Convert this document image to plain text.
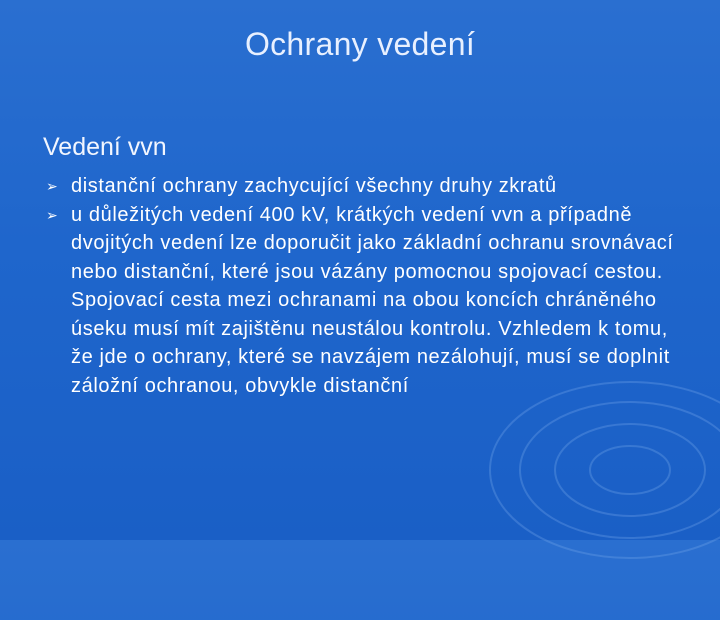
Ochrany vedení
Vedení vvn
➢ distanční ochrany zachycující všechny druhy zkratů
➢ u důležitých vedení 400 kV, krátkých vedení vvn a případně dvojitých vedení lze doporučit jako základní ochranu srovnávací nebo distanční, které jsou vázány pomocnou spojovací cestou. Spojovací cesta mezi ochranami na obou koncích chráněného úseku musí mít zajištěnu neustálou kontrolu. Vzhledem k tomu, že jde o ochrany, které se navzájem nezálohují, musí se doplnit záložní ochranou, obvykle distanční
